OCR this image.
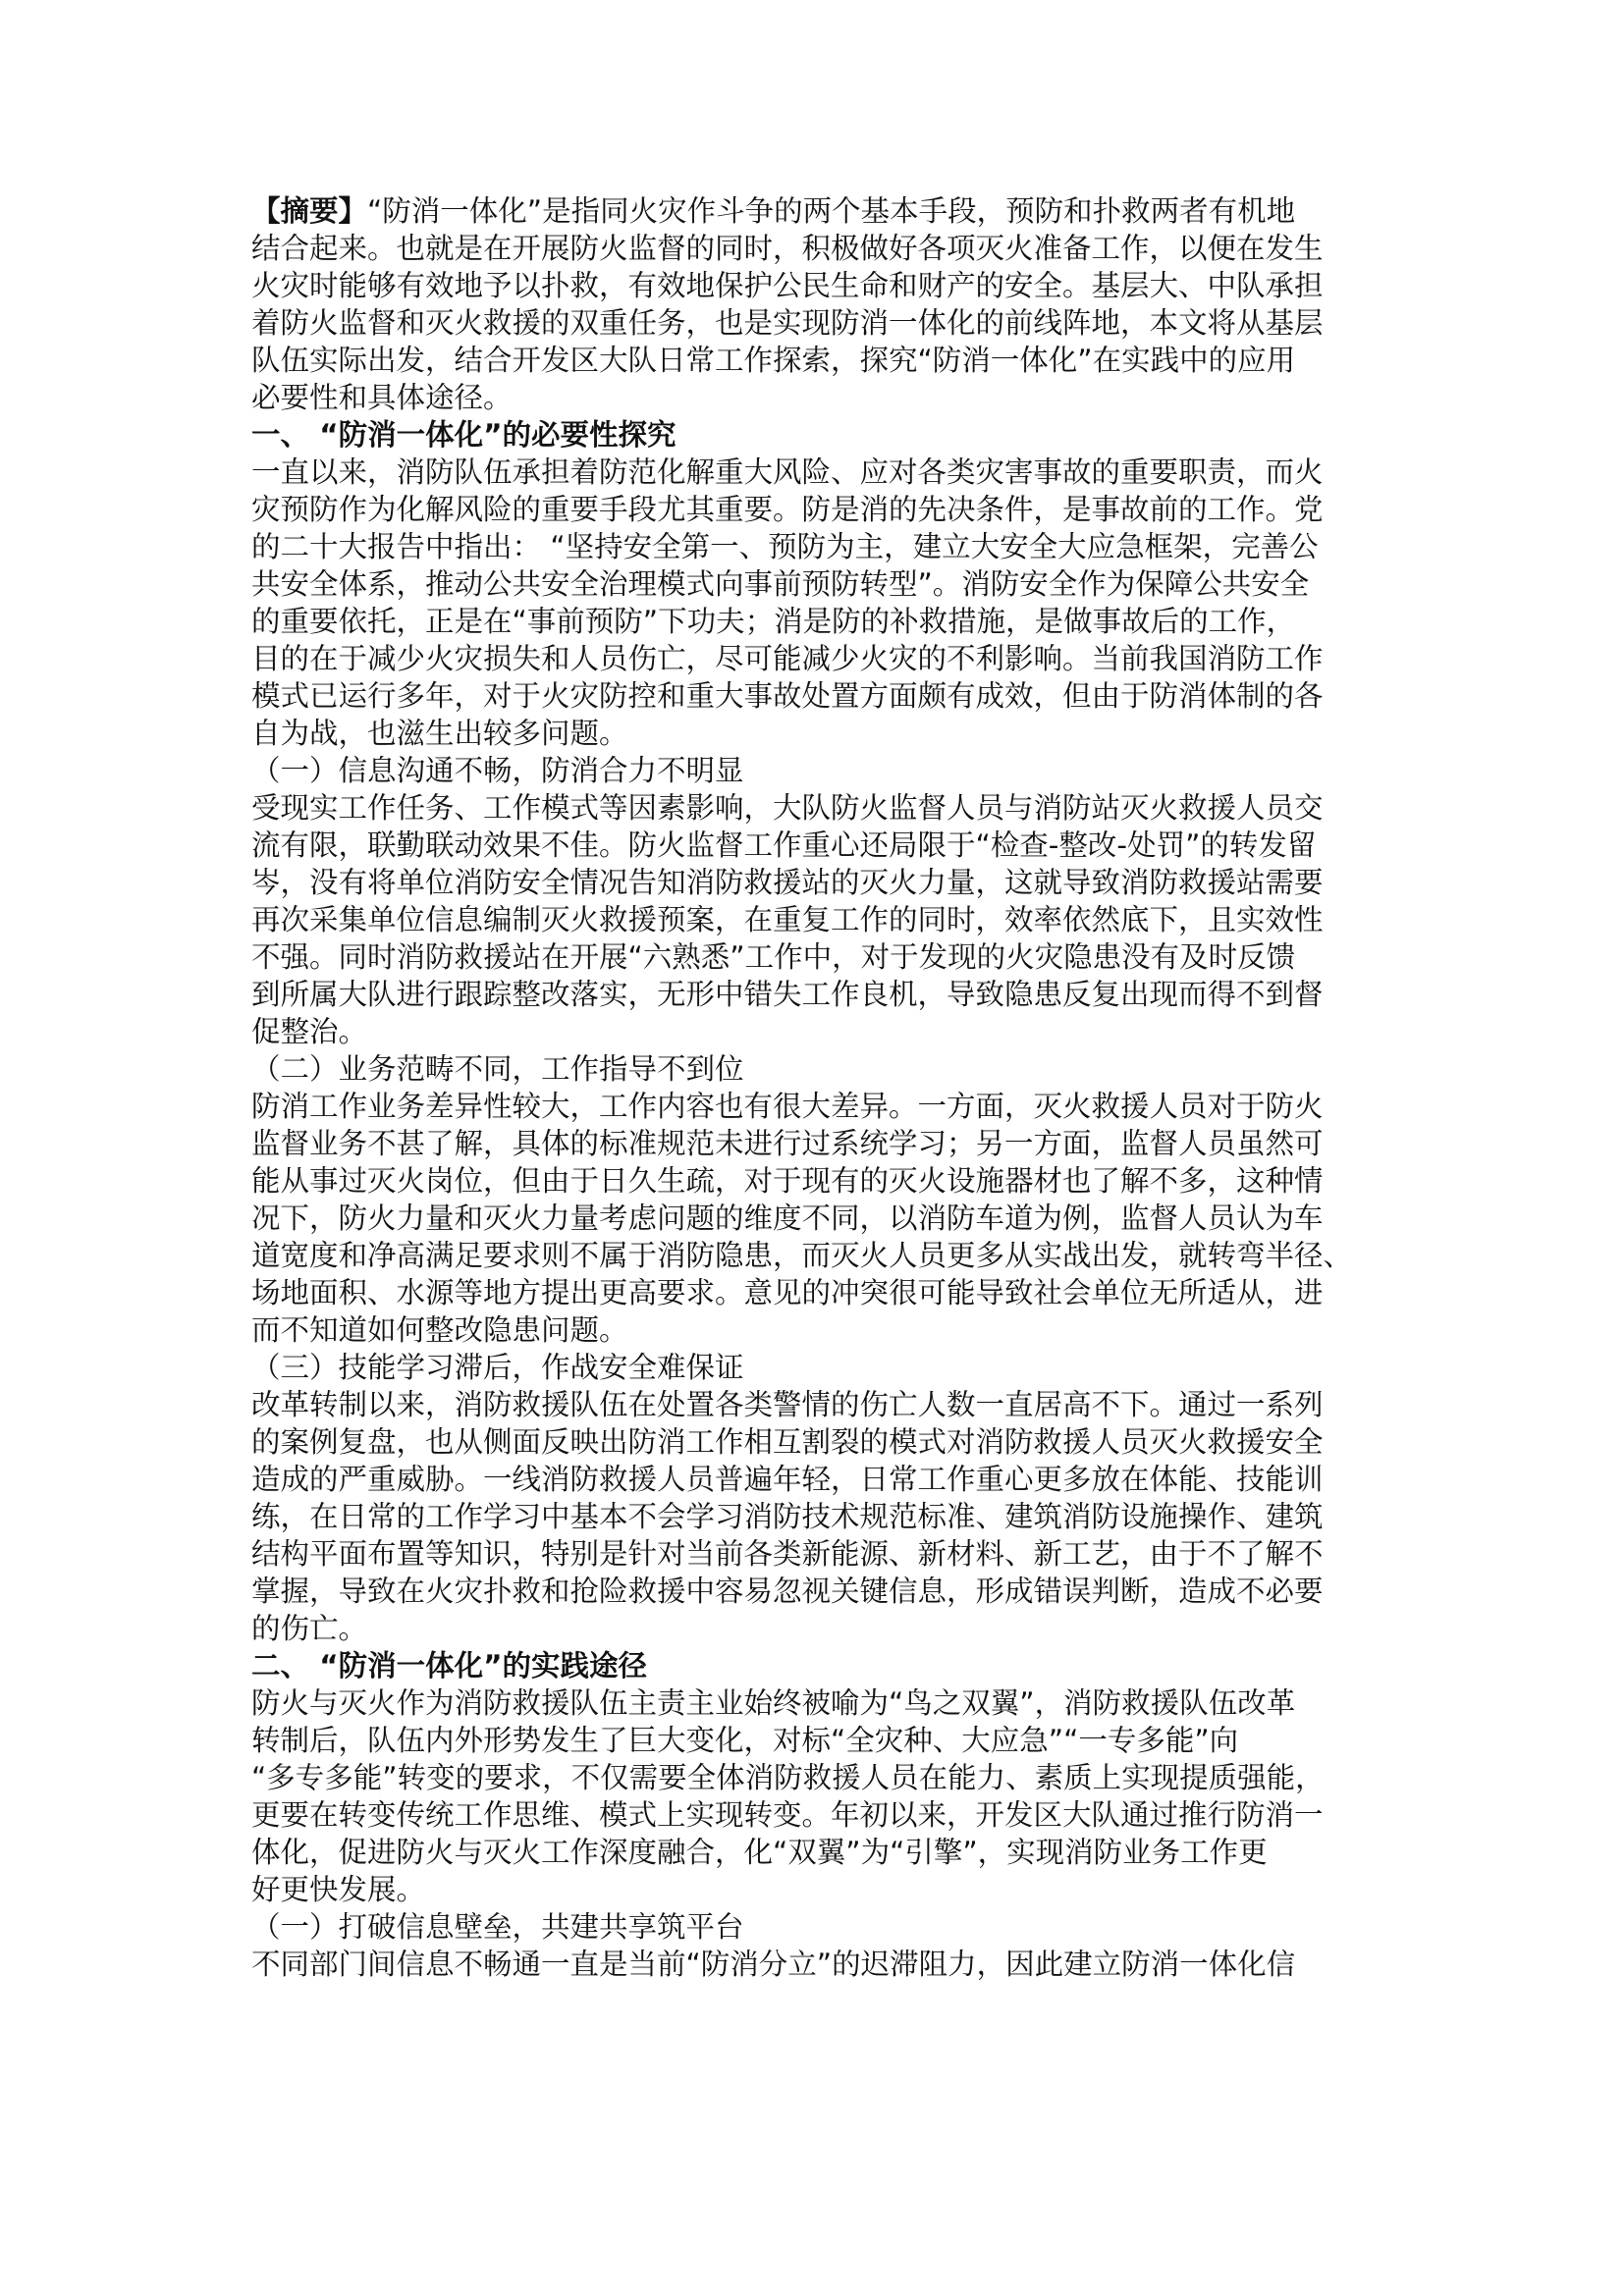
【摘要】“防消一体化”是指同火灾作斗争的两个基本手段，预防和扑救两者有机地
结合起来。也就是在开展防火监督的同时，积极做好各项灭火准备工作，以便在发生
火灾时能够有效地予以扑救，有效地保护公民生命和财产的安全。基层大、中队承担
着防火监督和灭火救援的双重任务，也是实现防消一体化的前线阵地，本文将从基层
队伍实际出发，结合开发区大队日常工作探索，探究“防消一体化”在实践中的应用
必要性和具体途径。
一、 “防消一体化”的必要性探究
一直以来，消防队伍承担着防范化解重大风险、应对各类灾害事故的重要职责，而火
灾预防作为化解风险的重要手段尤其重要。防是消的先决条件，是事故前的工作。党
的二十大报告中指出： “坚持安全第一、预防为主，建立大安全大应急框架，完善公
共安全体系，推动公共安全治理模式向事前预防转型”。消防安全作为保障公共安全
的重要依托，正是在“事前预防”下功夫；消是防的补救措施，是做事故后的工作，
目的在于减少火灾损失和人员伤亡，尽可能减少火灾的不利影响。当前我国消防工作
模式已运行多年，对于火灾防控和重大事故处置方面颇有成效，但由于防消体制的各
自为战，也滋生出较多问题。
（一）信息沟通不畅，防消合力不明显
受现实工作任务、工作模式等因素影响，大队防火监督人员与消防站灭火救援人员交
流有限，联勤联动效果不佳。防火监督工作重心还局限于“检查-整改-处罚”的转发留
岑，没有将单位消防安全情况告知消防救援站的灭火力量，这就导致消防救援站需要
再次采集单位信息编制灭火救援预案，在重复工作的同时，效率依然底下，且实效性
不强。同时消防救援站在开展“六熟悉”工作中，对于发现的火灾隐患没有及时反馈
到所属大队进行跟踪整改落实，无形中错失工作良机，导致隐患反复出现而得不到督
促整治。
（二）业务范畴不同，工作指导不到位
防消工作业务差异性较大，工作内容也有很大差异。一方面，灭火救援人员对于防火
监督业务不甚了解，具体的标准规范未进行过系统学习；另一方面，监督人员虽然可
能从事过灭火岗位，但由于日久生疏，对于现有的灭火设施器材也了解不多，这种情
况下，防火力量和灭火力量考虑问题的维度不同，以消防车道为例，监督人员认为车
道宽度和净高满足要求则不属于消防隐患，而灭火人员更多从实战出发，就转弯半径、
场地面积、水源等地方提出更高要求。意见的冲突很可能导致社会单位无所适从，进
而不知道如何整改隐患问题。
（三）技能学习滞后，作战安全难保证
改革转制以来，消防救援队伍在处置各类警情的伤亡人数一直居高不下。通过一系列
的案例复盘，也从侧面反映出防消工作相互割裂的模式对消防救援人员灭火救援安全
造成的严重威胁。一线消防救援人员普遍年轻，日常工作重心更多放在体能、技能训
练，在日常的工作学习中基本不会学习消防技术规范标准、建筑消防设施操作、建筑
结构平面布置等知识，特别是针对当前各类新能源、新材料、新工艺，由于不了解不
掌握，导致在火灾扑救和抢险救援中容易忽视关键信息，形成错误判断，造成不必要
的伤亡。
二、 “防消一体化”的实践途径
防火与灭火作为消防救援队伍主责主业始终被喻为“鸟之双翼”，消防救援队伍改革
转制后，队伍内外形势发生了巨大变化，对标“全灾种、大应急”“一专多能”向
“多专多能”转变的要求，不仅需要全体消防救援人员在能力、素质上实现提质强能，
更要在转变传统工作思维、模式上实现转变。年初以来，开发区大队通过推行防消一
体化，促进防火与灭火工作深度融合，化“双翼”为“引擎”，实现消防业务工作更
好更快发展。
（一）打破信息壁垒，共建共享筑平台
不同部门间信息不畅通一直是当前“防消分立”的迟滞阻力，因此建立防消一体化信
